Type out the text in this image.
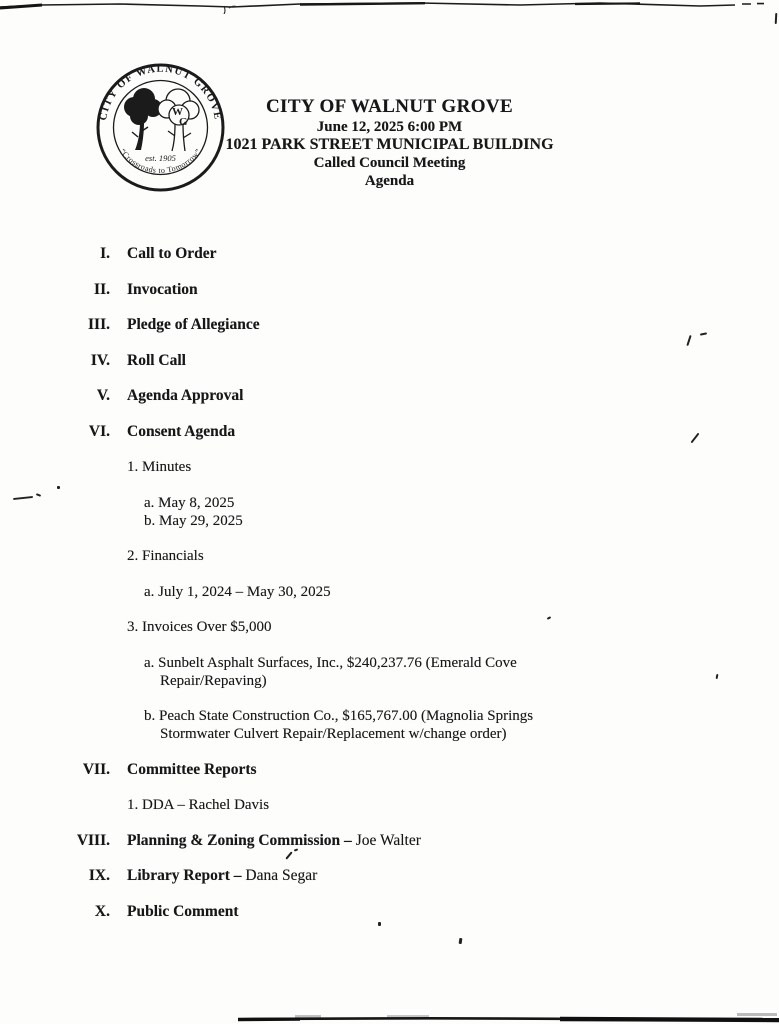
CITY OF WALNUT GROVE
“Crossroads to Tomorrow”
W
G
est. 1905
CITY OF WALNUT GROVE
June 12, 2025 6:00 PM
1021 PARK STREET MUNICIPAL BUILDING
Called Council Meeting
Agenda
I. Call to Order
II. Invocation
III. Pledge of Allegiance
IV. Roll Call
V. Agenda Approval
VI. Consent Agenda
1. Minutes
a. May 8, 2025
b. May 29, 2025
2. Financials
a. July 1, 2024 – May 30, 2025
3. Invoices Over $5,000
a. Sunbelt Asphalt Surfaces, Inc., $240,237.76 (Emerald Cove
Repair/Repaving)
b. Peach State Construction Co., $165,767.00 (Magnolia Springs
Stormwater Culvert Repair/Replacement w/change order)
VII. Committee Reports
1. DDA – Rachel Davis
VIII. Planning & Zoning Commission – Joe Walter
IX. Library Report – Dana Segar
X. Public Comment
